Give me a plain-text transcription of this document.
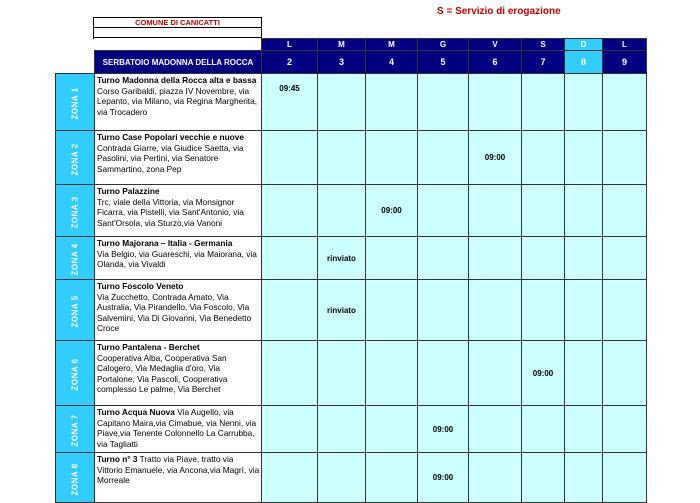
S = Servizio di erogazione
COMUNE DI CANICATTI

		L	M	M	G	V	S	D	L
	SERBATOIO MADONNA DELLA ROCCA	2	3	4	5	6	7	8	9
ZONA 1	Turno Madonna della Rocca alta e bassa
Corso Garibaldi, piazza IV Novembre, via Lepanto, via Milano, via Regina Margherita, via Trocadero	09:45							
ZONA 2	Turno Case Popolari vecchie e nuove
Contrada Giarre, via Giudice Saetta, via Pasolini, via Pertini, via Senatore Sammartino, zona Pep					09:00			
ZONA 3	Turno Palazzine
Trc, viale della Vittoria, via Monsignor Ficarra, via Pistelli, via Sant'Antonio, via Sant'Orsola, via Sturzo,via Vanoni			09:00					
ZONA 4	Turno Majorana – Italia - Germania
Via Belgio, via Guareschi, via Maiorana, via Olanda, via Vivaldi		rinviato						
ZONA 5	Turno Foscolo Veneto
Via Zucchetto, Contrada Amato, Via Australia, Via Pirandello, Via Foscolo, Via Salvemini, Via Di Giovanni, Via Benedetto Croce		rinviato						
ZONA 6	Turno Pantalena - Berchet
Cooperativa Alba, Cooperativa San Calogero, Via Medaglia d'oro, Via Portalone, Via Pascoli, Cooperativa complesso Le palme, Via Berchet						09:00		
ZONA 7	Turno Acqua Nuova Via Augello, via Capitano Maira,via Cimabue, via Nenni, via Piave,via Tenente Colonnello La Carrubba, via Tagliatti				09:00				
ZONA 8	Turno n° 3 Tratto via Piave, tratto via Vittorio Emanuele, via Ancona,via Magrì, via Morreale				09:00				
